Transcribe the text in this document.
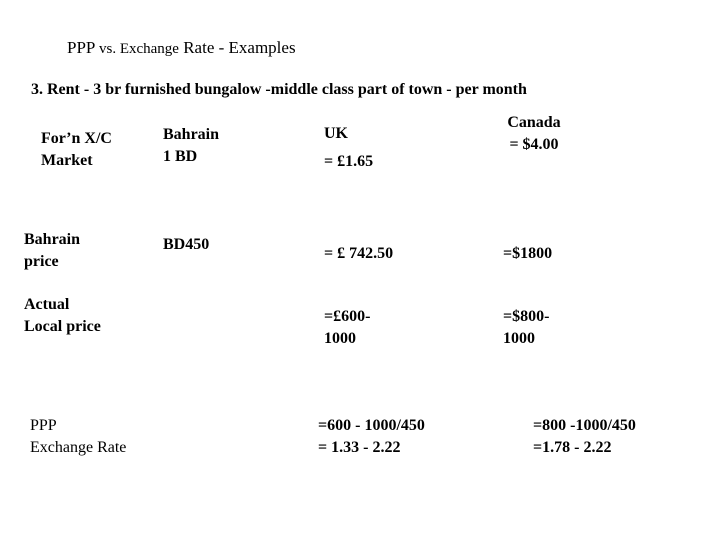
PPP vs. Exchange Rate - Examples
3. Rent - 3 br furnished bungalow -middle class part of town - per month
For’n X/C
Market
Bahrain
1 BD
UK
= £1.65
Canada
= $4.00
Bahrain
price
BD450
= £ 742.50	=$1800
Actual
Local price
=£600-
1000
=$800-
1000
PPP
Exchange Rate
=600 - 1000/450
= 1.33 - 2.22
=800 -1000/450
=1.78 - 2.22
